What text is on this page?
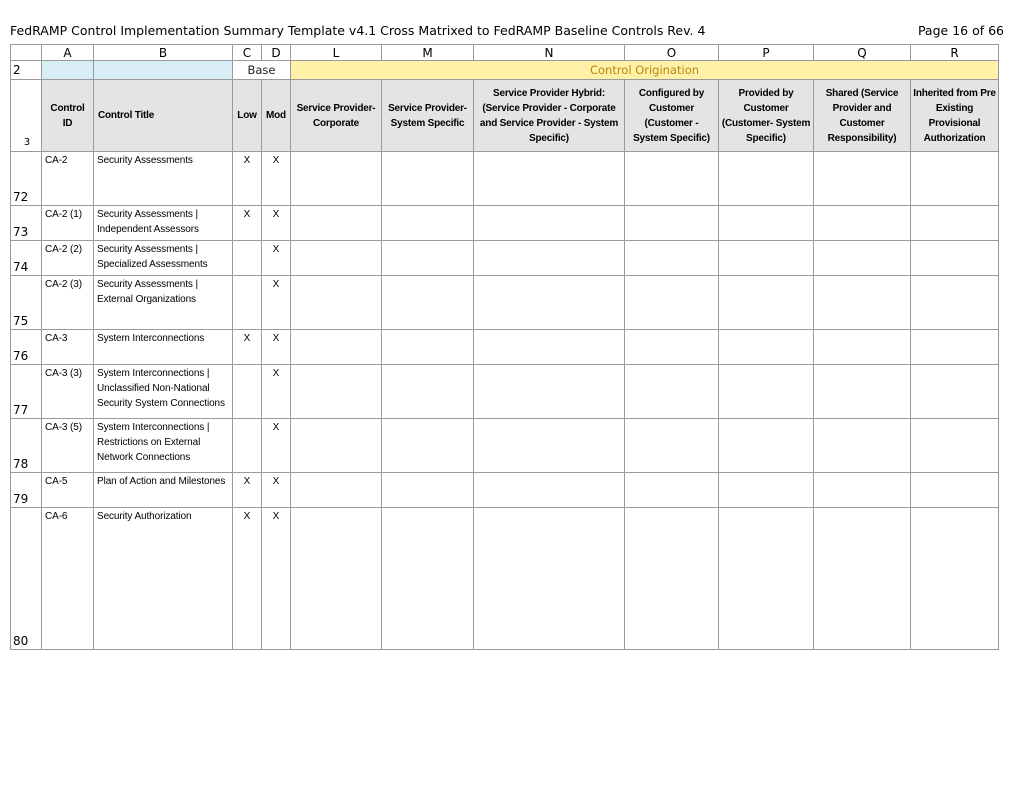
FedRAMP Control Implementation Summary Template v4.1 Cross Matrixed to FedRAMP Baseline Controls Rev. 4	Page 16 of 66
	A	B	C	D	L	M	N	O	P	Q	R
2			Base		Control Origination						
3	Control ID	Control Title	Low	Mod	Service Provider- Corporate	Service Provider- System Specific	Service Provider Hybrid: (Service Provider - Corporate and Service Provider - System Specific)	Configured by Customer (Customer - System Specific)	Provided by Customer (Customer- System Specific)	Shared (Service Provider and Customer Responsibility)	Inherited from Pre Existing Provisional Authorization
72	CA-2	Security Assessments	X	X							
73	CA-2 (1)	Security Assessments | Independent Assessors	X	X							
74	CA-2 (2)	Security Assessments | Specialized Assessments		X							
75	CA-2 (3)	Security Assessments | External Organizations		X							
76	CA-3	System Interconnections	X	X							
77	CA-3 (3)	System Interconnections | Unclassified Non-National Security System Connections		X							
78	CA-3 (5)	System Interconnections | Restrictions on External Network Connections		X							
79	CA-5	Plan of Action and Milestones	X	X							
80	CA-6	Security Authorization	X	X							
